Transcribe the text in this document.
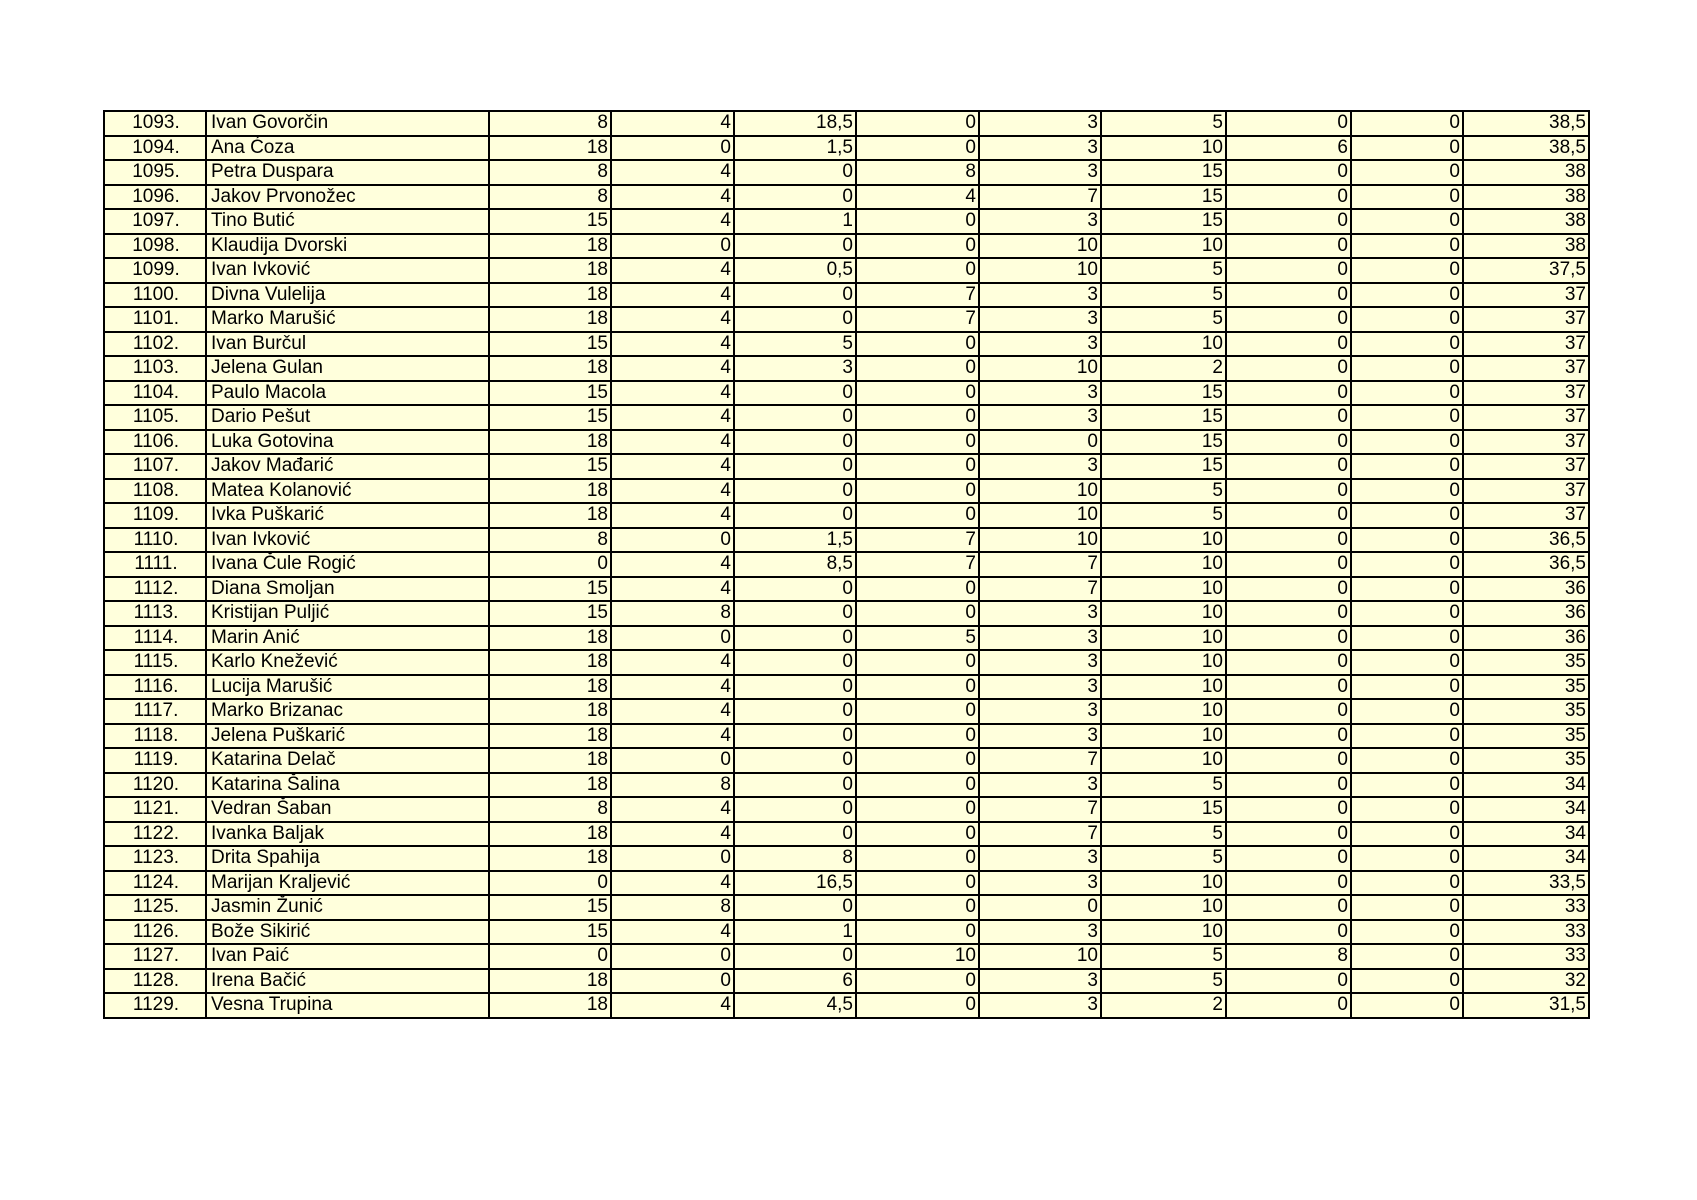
1093.	Ivan Govorčin	8	4	18,5	0	3	5	0	0	38,5
1094.	Ana Ćoza	18	0	1,5	0	3	10	6	0	38,5
1095.	Petra Duspara	8	4	0	8	3	15	0	0	38
1096.	Jakov Prvonožec	8	4	0	4	7	15	0	0	38
1097.	Tino Butić	15	4	1	0	3	15	0	0	38
1098.	Klaudija Dvorski	18	0	0	0	10	10	0	0	38
1099.	Ivan Ivković	18	4	0,5	0	10	5	0	0	37,5
1100.	Divna Vulelija	18	4	0	7	3	5	0	0	37
1101.	Marko Marušić	18	4	0	7	3	5	0	0	37
1102.	Ivan Burčul	15	4	5	0	3	10	0	0	37
1103.	Jelena Gulan	18	4	3	0	10	2	0	0	37
1104.	Paulo Macola	15	4	0	0	3	15	0	0	37
1105.	Dario Pešut	15	4	0	0	3	15	0	0	37
1106.	Luka Gotovina	18	4	0	0	0	15	0	0	37
1107.	Jakov Mađarić	15	4	0	0	3	15	0	0	37
1108.	Matea Kolanović	18	4	0	0	10	5	0	0	37
1109.	Ivka Puškarić	18	4	0	0	10	5	0	0	37
1110.	Ivan Ivković	8	0	1,5	7	10	10	0	0	36,5
1111.	Ivana Čule Rogić	0	4	8,5	7	7	10	0	0	36,5
1112.	Diana Smoljan	15	4	0	0	7	10	0	0	36
1113.	Kristijan Puljić	15	8	0	0	3	10	0	0	36
1114.	Marin Anić	18	0	0	5	3	10	0	0	36
1115.	Karlo Knežević	18	4	0	0	3	10	0	0	35
1116.	Lucija Marušić	18	4	0	0	3	10	0	0	35
1117.	Marko Brizanac	18	4	0	0	3	10	0	0	35
1118.	Jelena Puškarić	18	4	0	0	3	10	0	0	35
1119.	Katarina Delač	18	0	0	0	7	10	0	0	35
1120.	Katarina Šalina	18	8	0	0	3	5	0	0	34
1121.	Vedran Šaban	8	4	0	0	7	15	0	0	34
1122.	Ivanka Baljak	18	4	0	0	7	5	0	0	34
1123.	Drita Spahija	18	0	8	0	3	5	0	0	34
1124.	Marijan Kraljević	0	4	16,5	0	3	10	0	0	33,5
1125.	Jasmin Žunić	15	8	0	0	0	10	0	0	33
1126.	Bože Sikirić	15	4	1	0	3	10	0	0	33
1127.	Ivan Paić	0	0	0	10	10	5	8	0	33
1128.	Irena Bačić	18	0	6	0	3	5	0	0	32
1129.	Vesna Trupina	18	4	4,5	0	3	2	0	0	31,5
